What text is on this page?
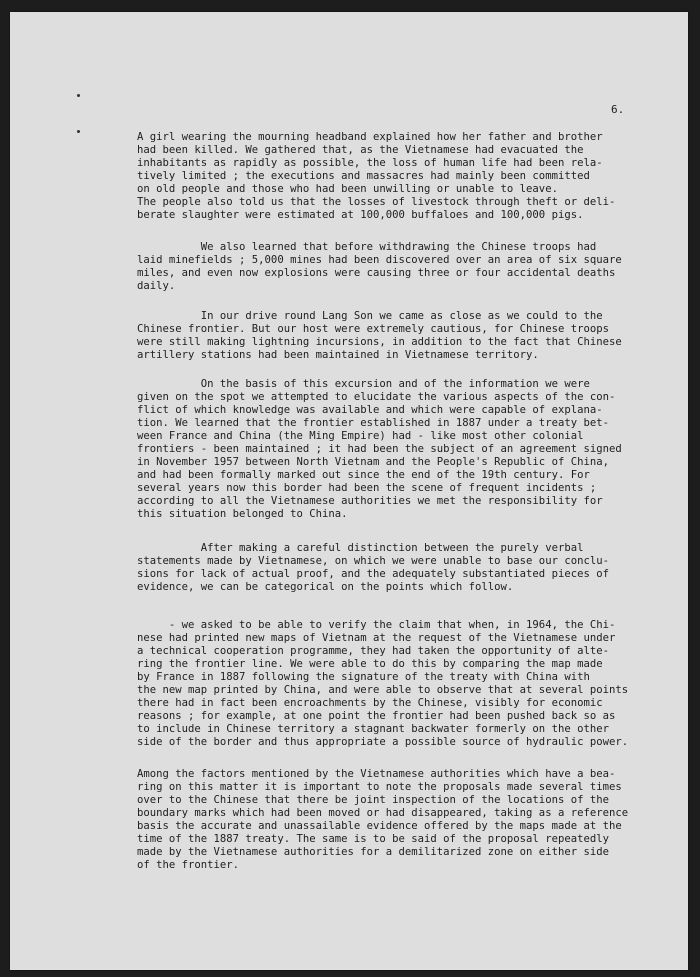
6.
A girl wearing the mourning headband explained how her father and brother
had been killed. We gathered that, as the Vietnamese had evacuated the
inhabitants as rapidly as possible, the loss of human life had been rela-
tively limited ; the executions and massacres had mainly been committed
on old people and those who had been unwilling or unable to leave.
The people also told us that the losses of livestock through theft or deli-
berate slaughter were estimated at 100,000 buffaloes and 100,000 pigs.
We also learned that before withdrawing the Chinese troops had
laid minefields ; 5,000 mines had been discovered over an area of six square
miles, and even now explosions were causing three or four accidental deaths
daily.
In our drive round Lang Son we came as close as we could to the
Chinese frontier. But our host were extremely cautious, for Chinese troops
were still making lightning incursions, in addition to the fact that Chinese
artillery stations had been maintained in Vietnamese territory.
On the basis of this excursion and of the information we were
given on the spot we attempted to elucidate the various aspects of the con-
flict of which knowledge was available and which were capable of explana-
tion. We learned that the frontier established in 1887 under a treaty bet-
ween France and China (the Ming Empire) had - like most other colonial
frontiers - been maintained ; it had been the subject of an agreement signed
in November 1957 between North Vietnam and the People's Republic of China,
and had been formally marked out since the end of the 19th century. For
several years now this border had been the scene of frequent incidents ;
according to all the Vietnamese authorities we met the responsibility for
this situation belonged to China.
After making a careful distinction between the purely verbal
statements made by Vietnamese, on which we were unable to base our conclu-
sions for lack of actual proof, and the adequately substantiated pieces of
evidence, we can be categorical on the points which follow.
- we asked to be able to verify the claim that when, in 1964, the Chi-
nese had printed new maps of Vietnam at the request of the Vietnamese under
a technical cooperation programme, they had taken the opportunity of alte-
ring the frontier line. We were able to do this by comparing the map made
by France in 1887 following the signature of the treaty with China with
the new map printed by China, and were able to observe that at several points
there had in fact been encroachments by the Chinese, visibly for economic
reasons ; for example, at one point the frontier had been pushed back so as
to include in Chinese territory a stagnant backwater formerly on the other
side of the border and thus appropriate a possible source of hydraulic power.
Among the factors mentioned by the Vietnamese authorities which have a bea-
ring on this matter it is important to note the proposals made several times
over to the Chinese that there be joint inspection of the locations of the
boundary marks which had been moved or had disappeared, taking as a reference
basis the accurate and unassailable evidence offered by the maps made at the
time of the 1887 treaty. The same is to be said of the proposal repeatedly
made by the Vietnamese authorities for a demilitarized zone on either side
of the frontier.
